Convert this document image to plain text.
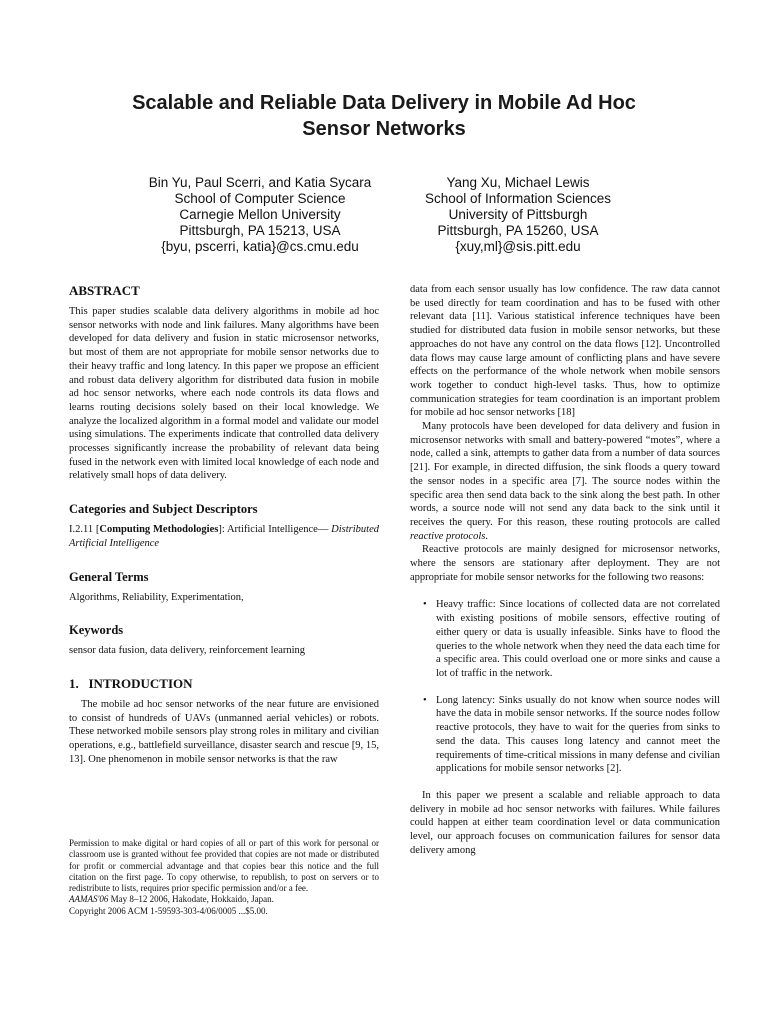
Scalable and Reliable Data Delivery in Mobile Ad Hoc
Sensor Networks
Bin Yu, Paul Scerri, and Katia Sycara
School of Computer Science
Carnegie Mellon University
Pittsburgh, PA 15213, USA
{byu, pscerri, katia}@cs.cmu.edu
Yang Xu, Michael Lewis
School of Information Sciences
University of Pittsburgh
Pittsburgh, PA 15260, USA
{xuy,ml}@sis.pitt.edu
ABSTRACT

This paper studies scalable data delivery algorithms in mobile ad hoc sensor networks with node and link failures. Many algorithms have been developed for data delivery and fusion in static microsensor networks, but most of them are not appropriate for mobile sensor networks due to their heavy traffic and long latency. In this paper we propose an efficient and robust data delivery algorithm for distributed data fusion in mobile ad hoc sensor networks, where each node controls its data flows and learns routing decisions solely based on their local knowledge. We analyze the localized algorithm in a formal model and validate our model using simulations. The experiments indicate that controlled data delivery processes significantly increase the probability of relevant data being fused in the network even with limited local knowledge of each node and relatively small hops of data delivery.

Categories and Subject Descriptors

I.2.11 [Computing Methodologies]: Artificial Intelligence— Distributed Artificial Intelligence

General Terms

Algorithms, Reliability, Experimentation,

Keywords

sensor data fusion, data delivery, reinforcement learning

1.   INTRODUCTION

The mobile ad hoc sensor networks of the near future are envisioned to consist of hundreds of UAVs (unmanned aerial vehicles) or robots. These networked mobile sensors play strong roles in military and civilian operations, e.g., battlefield surveillance, disaster search and rescue [9, 15, 13]. One phenomenon in mobile sensor networks is that the raw

Permission to make digital or hard copies of all or part of this work for personal or classroom use is granted without fee provided that copies are not made or distributed for profit or commercial advantage and that copies bear this notice and the full citation on the first page. To copy otherwise, to republish, to post on servers or to redistribute to lists, requires prior specific permission and/or a fee.

AAMAS'06 May 8–12 2006, Hakodate, Hokkaido, Japan.

Copyright 2006 ACM 1-59593-303-4/06/0005 ...$5.00.

data from each sensor usually has low confidence. The raw data cannot be used directly for team coordination and has to be fused with other relevant data [11]. Various statistical inference techniques have been studied for distributed data fusion in mobile sensor networks, but these approaches do not have any control on the data flows [12]. Uncontrolled data flows may cause large amount of conflicting plans and have severe effects on the performance of the whole network when mobile sensors work together to conduct high-level tasks. Thus, how to optimize communication strategies for team coordination is an important problem for mobile ad hoc sensor networks [18]

Many protocols have been developed for data delivery and fusion in microsensor networks with small and battery-powered “motes”, where a node, called a sink, attempts to gather data from a number of data sources [21]. For example, in directed diffusion, the sink floods a query toward the sensor nodes in a specific area [7]. The source nodes within the specific area then send data back to the sink along the best path. In other words, a source node will not send any data back to the sink until it receives the query. For this reason, these routing protocols are called reactive protocols.

Reactive protocols are mainly designed for microsensor networks, where the sensors are stationary after deployment. They are not appropriate for mobile sensor networks for the following two reasons:

• Heavy traffic: Since locations of collected data are not correlated with existing positions of mobile sensors, effective routing of either query or data is usually infeasible. Sinks have to flood the queries to the whole network when they need the data each time for a specific area. This could overload one or more sinks and cause a lot of traffic in the network.
• Long latency: Sinks usually do not know when source nodes will have the data in mobile sensor networks. If the source nodes follow reactive protocols, they have to wait for the queries from sinks to send the data. This causes long latency and cannot meet the requirements of time-critical missions in many defense and civilian applications for mobile sensor networks [2].

In this paper we present a scalable and reliable approach to data delivery in mobile ad hoc sensor networks with failures. While failures could happen at either team coordination level or data communication level, our approach focuses on communication failures for sensor data delivery among
